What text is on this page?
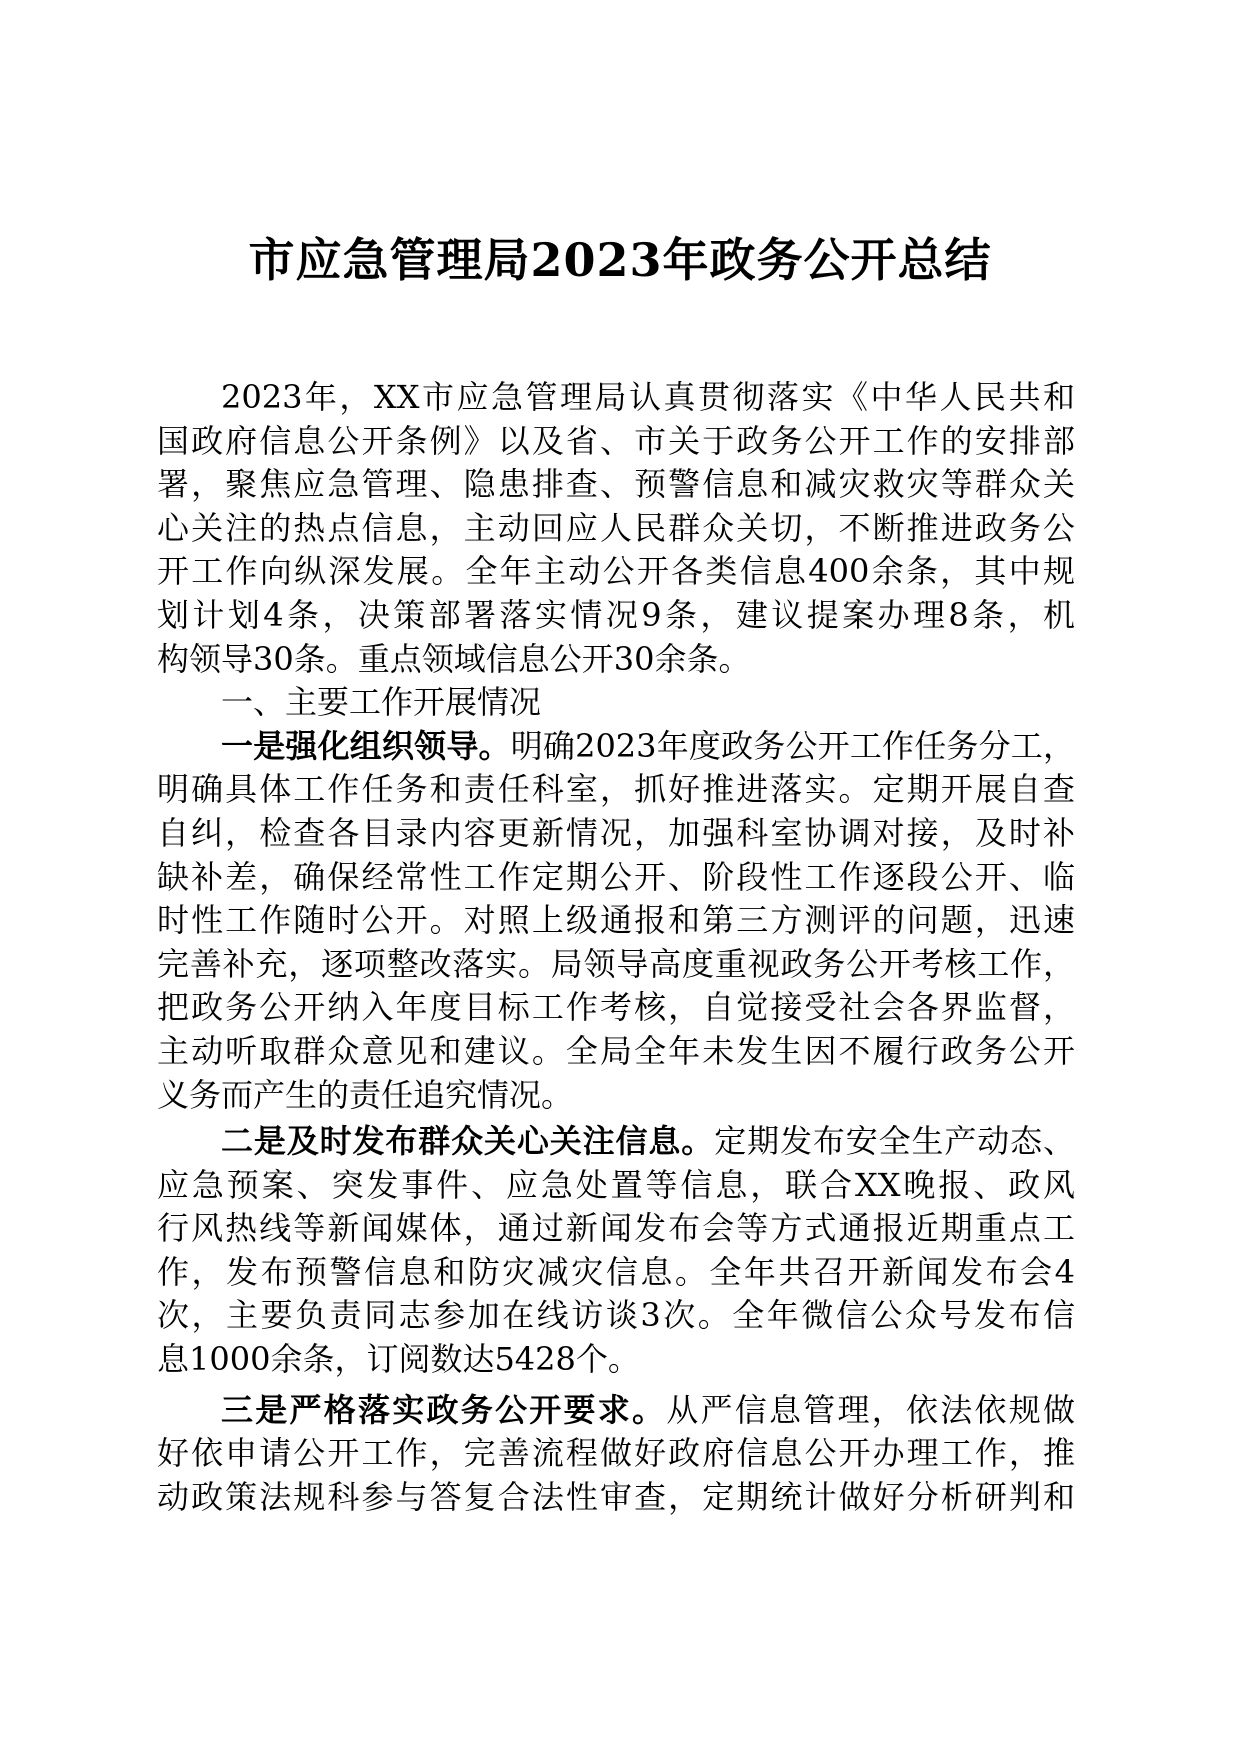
市应急管理局2023年政务公开总结
2023年，XX市应急管理局认真贯彻落实《中华人民共和
国政府信息公开条例》以及省、市关于政务公开工作的安排部
署，聚焦应急管理、隐患排查、预警信息和减灾救灾等群众关
心关注的热点信息，主动回应人民群众关切，不断推进政务公
开工作向纵深发展。全年主动公开各类信息400余条，其中规
划计划4条，决策部署落实情况9条，建议提案办理8条，机
构领导30条。重点领域信息公开30余条。
一、主要工作开展情况
一是强化组织领导。明确2023年度政务公开工作任务分工，
明确具体工作任务和责任科室，抓好推进落实。定期开展自查
自纠，检查各目录内容更新情况，加强科室协调对接，及时补
缺补差，确保经常性工作定期公开、阶段性工作逐段公开、临
时性工作随时公开。对照上级通报和第三方测评的问题，迅速
完善补充，逐项整改落实。局领导高度重视政务公开考核工作，
把政务公开纳入年度目标工作考核，自觉接受社会各界监督，
主动听取群众意见和建议。全局全年未发生因不履行政务公开
义务而产生的责任追究情况。
二是及时发布群众关心关注信息。定期发布安全生产动态、
应急预案、突发事件、应急处置等信息，联合XX晚报、政风
行风热线等新闻媒体，通过新闻发布会等方式通报近期重点工
作，发布预警信息和防灾减灾信息。全年共召开新闻发布会4
次，主要负责同志参加在线访谈3次。全年微信公众号发布信
息1000余条，订阅数达5428个。
三是严格落实政务公开要求。从严信息管理，依法依规做
好依申请公开工作，完善流程做好政府信息公开办理工作，推
动政策法规科参与答复合法性审查，定期统计做好分析研判和
